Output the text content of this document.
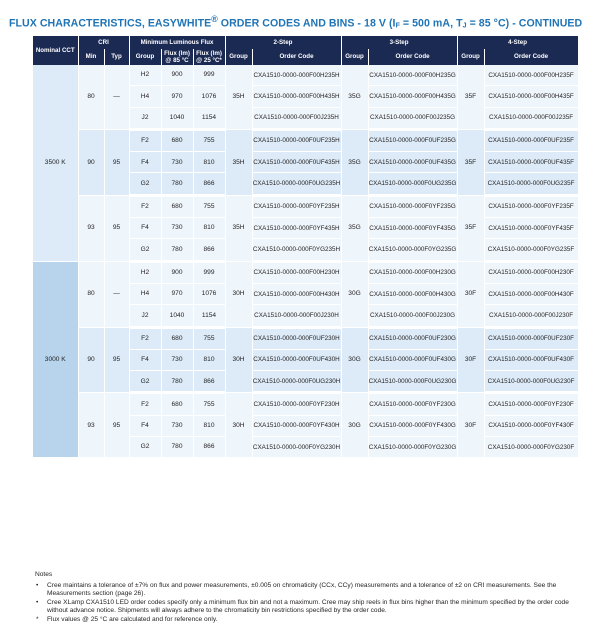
FLUX CHARACTERISTICS, EASYWHITE® ORDER CODES AND BINS - 18 V ($I_F = 500$ mA, $T_J = 85$ °C) - CONTINUED
Nominal CCT	CRI		Minimum Luminous Flux			2-Step		3-Step		4-Step	
	Min	Typ	Group	Flux (lm) @ 85 °C	Flux (lm) @ 25 °C*	Group	Order Code	Group	Order Code	Group	Order Code
3500 K	80	—	H2	900	999	35H	CXA1510-0000-000F00H235H	35G	CXA1510-0000-000F00H235G	35F	CXA1510-0000-000F00H235F
			H4	970	1076		CXA1510-0000-000F00H435H		CXA1510-0000-000F00H435G		CXA1510-0000-000F00H435F
			J2	1040	1154		CXA1510-0000-000F00J235H		CXA1510-0000-000F00J235G		CXA1510-0000-000F00J235F
	90	95	F2	680	755	35H	CXA1510-0000-000F0UF235H	35G	CXA1510-0000-000F0UF235G	35F	CXA1510-0000-000F0UF235F
			F4	730	810		CXA1510-0000-000F0UF435H		CXA1510-0000-000F0UF435G		CXA1510-0000-000F0UF435F
			G2	780	866		CXA1510-0000-000F0UG235H		CXA1510-0000-000F0UG235G		CXA1510-0000-000F0UG235F
	93	95	F2	680	755	35H	CXA1510-0000-000F0YF235H	35G	CXA1510-0000-000F0YF235G	35F	CXA1510-0000-000F0YF235F
			F4	730	810		CXA1510-0000-000F0YF435H		CXA1510-0000-000F0YF435G		CXA1510-0000-000F0YF435F
			G2	780	866		CXA1510-0000-000F0YG235H		CXA1510-0000-000F0YG235G		CXA1510-0000-000F0YG235F
3000 K	80	—	H2	900	999	30H	CXA1510-0000-000F00H230H	30G	CXA1510-0000-000F00H230G	30F	CXA1510-0000-000F00H230F
			H4	970	1076		CXA1510-0000-000F00H430H		CXA1510-0000-000F00H430G		CXA1510-0000-000F00H430F
			J2	1040	1154		CXA1510-0000-000F00J230H		CXA1510-0000-000F00J230G		CXA1510-0000-000F00J230F
	90	95	F2	680	755	30H	CXA1510-0000-000F0UF230H	30G	CXA1510-0000-000F0UF230G	30F	CXA1510-0000-000F0UF230F
			F4	730	810		CXA1510-0000-000F0UF430H		CXA1510-0000-000F0UF430G		CXA1510-0000-000F0UF430F
			G2	780	866		CXA1510-0000-000F0UG230H		CXA1510-0000-000F0UG230G		CXA1510-0000-000F0UG230F
	93	95	F2	680	755	30H	CXA1510-0000-000F0YF230H	30G	CXA1510-0000-000F0YF230G	30F	CXA1510-0000-000F0YF230F
			F4	730	810		CXA1510-0000-000F0YF430H		CXA1510-0000-000F0YF430G		CXA1510-0000-000F0YF430F
			G2	780	866		CXA1510-0000-000F0YG230H		CXA1510-0000-000F0YG230G		CXA1510-0000-000F0YG230F
Notes
• Cree maintains a tolerance of ±7% on flux and power measurements, ±0.005 on chromaticity (CCx, CCy) measurements and a tolerance of ±2 on CRI measurements. See the Measurements section (page 26).
• Cree XLamp CXA1510 LED order codes specify only a minimum flux bin and not a maximum. Cree may ship reels in flux bins higher than the minimum specified by the order code without advance notice. Shipments will always adhere to the chromaticity bin restrictions specified by the order code.
* Flux values @ 25 °C are calculated and for reference only.
